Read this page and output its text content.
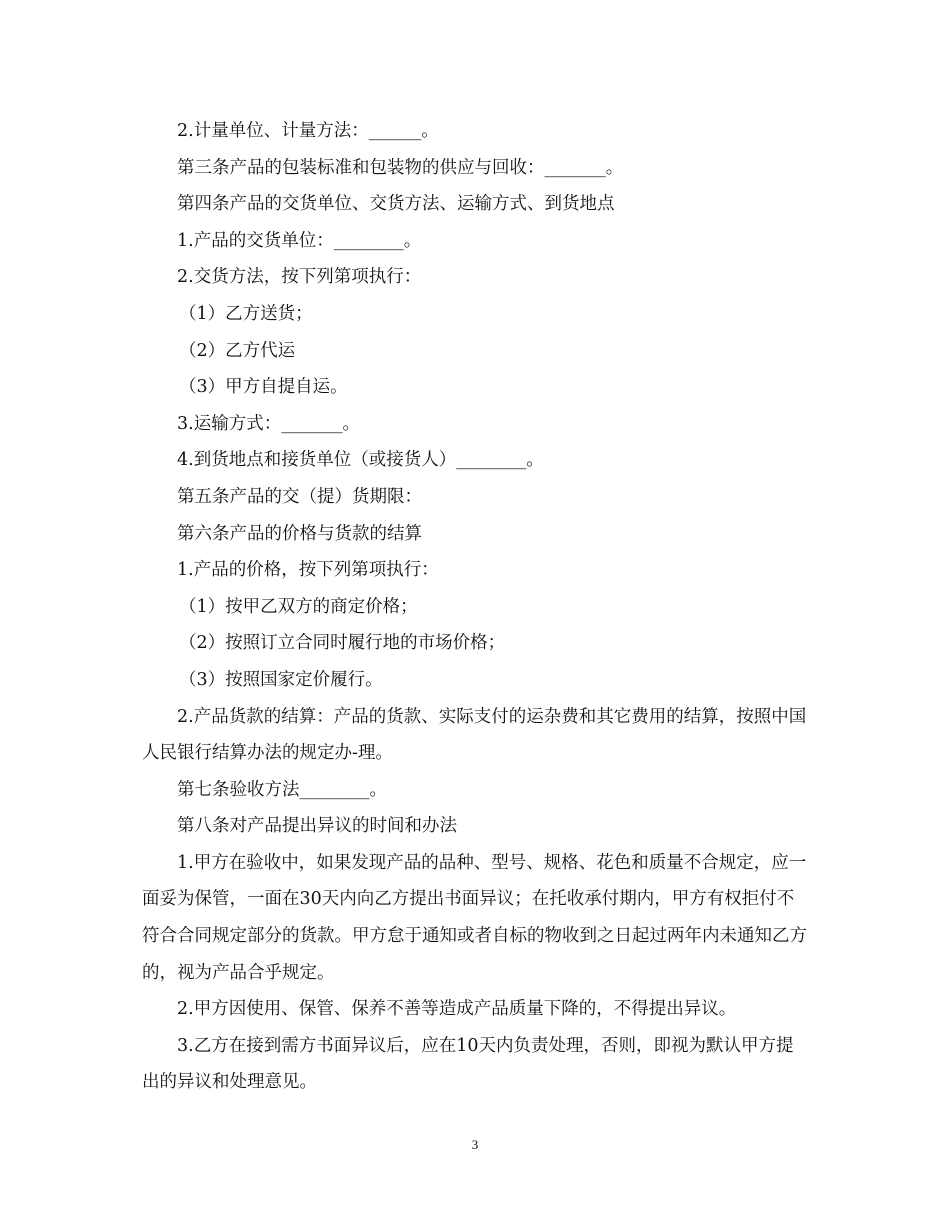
2.计量单位、计量方法：______。

第三条产品的包装标准和包装物的供应与回收：_______。

第四条产品的交货单位、交货方法、运输方式、到货地点

1.产品的交货单位：________。

2.交货方法，按下列第项执行：

（1）乙方送货；

（2）乙方代运

（3）甲方自提自运。

3.运输方式：_______。

4.到货地点和接货单位（或接货人）________。

第五条产品的交（提）货期限：

第六条产品的价格与货款的结算

1.产品的价格，按下列第项执行：

（1）按甲乙双方的商定价格；

（2）按照订立合同时履行地的市场价格；

（3）按照国家定价履行。

2.产品货款的结算：产品的货款、实际支付的运杂费和其它费用的结算，按照中国人民银行结算办法的规定办-理。

第七条验收方法________。

第八条对产品提出异议的时间和办法

1.甲方在验收中，如果发现产品的品种、型号、规格、花色和质量不合规定，应一面妥为保管，一面在30天内向乙方提出书面异议；在托收承付期内，甲方有权拒付不符合合同规定部分的货款。甲方怠于通知或者自标的物收到之日起过两年内未通知乙方的，视为产品合乎规定。

2.甲方因使用、保管、保养不善等造成产品质量下降的，不得提出异议。

3.乙方在接到需方书面异议后，应在10天内负责处理，否则，即视为默认甲方提出的异议和处理意见。

3
